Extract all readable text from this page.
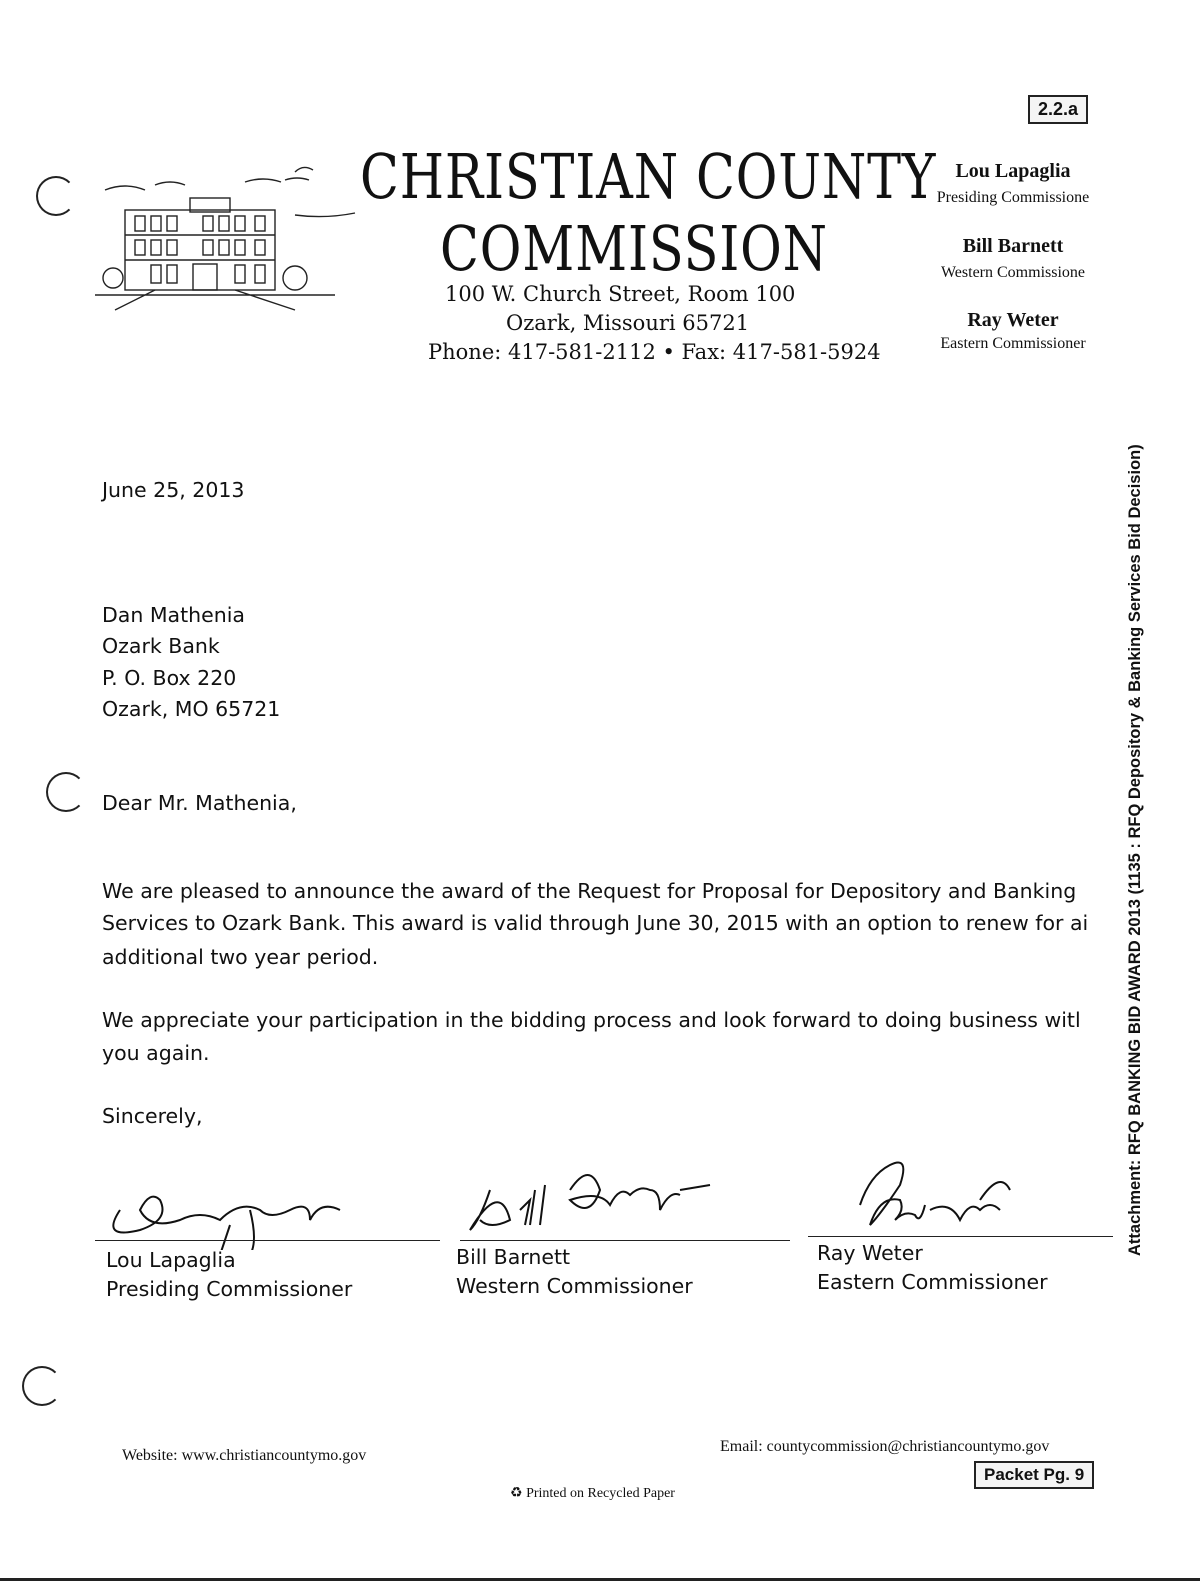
2.2.a
CHRISTIAN COUNTY
COMMISSION
100 W. Church Street, Room 100
Ozark, Missouri 65721
Phone: 417-581-2112 • Fax: 417-581-5924
Lou Lapaglia
Presiding Commissione
Bill Barnett
Western Commissione
Ray Weter
Eastern Commissioner
June 25, 2013
Dan Mathenia
Ozark Bank
P. O. Box 220
Ozark, MO 65721
Dear Mr. Mathenia,
We are pleased to announce the award of the Request for Proposal for Depository and Banking
Services to Ozark Bank. This award is valid through June 30, 2015 with an option to renew for ai
additional two year period.
We appreciate your participation in the bidding process and look forward to doing business witl
you again.
Sincerely,
Lou Lapaglia
Presiding Commissioner
Bill Barnett
Western Commissioner
Ray Weter
Eastern Commissioner
Attachment: RFQ BANKING BID AWARD 2013 (1135 : RFQ Depository & Banking Services Bid Decision)
Website: www.christiancountymo.gov
Email: countycommission@christiancountymo.gov
♻ Printed on Recycled Paper
Packet Pg. 9
